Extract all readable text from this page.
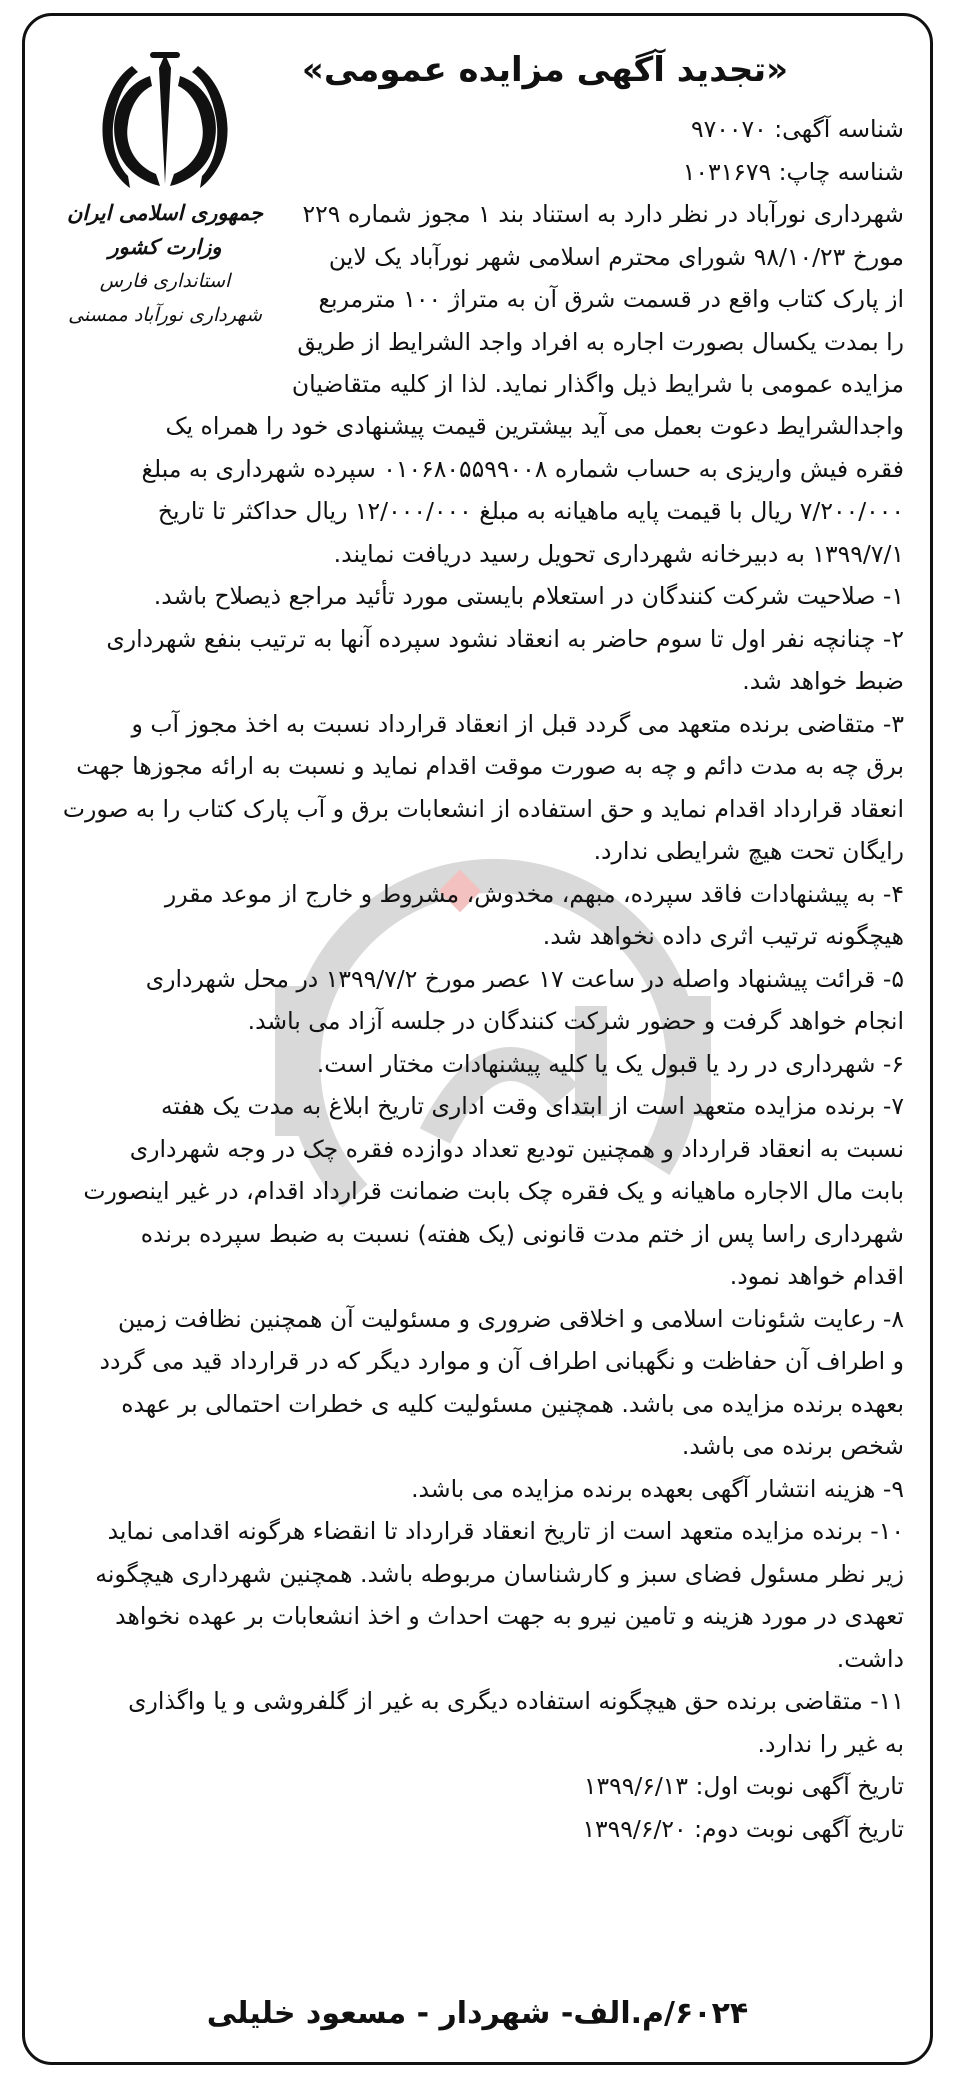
جمهوری اسلامی ایران
وزارت کشور
استانداری فارس
شهرداری نورآباد ممسنی
«تجدید آگهی مزایده عمومی»
شناسه آگهی: ۹۷۰۰۷۰
شناسه چاپ: ۱۰۳۱۶۷۹
شهرداری نورآباد در نظر دارد به استناد بند ۱ مجوز شماره ۲۲۹
مورخ ۹۸/۱۰/۲۳ شورای محترم اسلامی شهر نورآباد یک لاین
از پارک کتاب واقع در قسمت شرق آن به متراژ ۱۰۰ مترمربع
را بمدت یکسال بصورت اجاره به افراد واجد الشرایط از طریق
مزایده عمومی با شرایط ذیل واگذار نماید. لذا از کلیه متقاضیان
واجدالشرایط دعوت بعمل می آید بیشترین قیمت پیشنهادی خود را همراه یک
فقره فیش واریزی به حساب شماره ۰۱۰۶۸۰۵۵۹۹۰۰۸ سپرده شهرداری به مبلغ
۷/۲۰۰/۰۰۰ ریال با قیمت پایه ماهیانه به مبلغ ۱۲/۰۰۰/۰۰۰ ریال حداکثر تا تاریخ
۱۳۹۹/۷/۱ به دبیرخانه شهرداری تحویل رسید دریافت نمایند.
۱- صلاحیت شرکت کنندگان در استعلام بایستی مورد تأئید مراجع ذیصلاح باشد.
۲- چنانچه نفر اول تا سوم حاضر به انعقاد نشود سپرده آنها به ترتیب بنفع شهرداری
ضبط خواهد شد.
۳- متقاضی برنده متعهد می گردد قبل از انعقاد قرارداد نسبت به اخذ مجوز آب و
برق چه به مدت دائم و چه به صورت موقت اقدام نماید و نسبت به ارائه مجوزها جهت
انعقاد قرارداد اقدام نماید و حق استفاده از انشعابات برق و آب پارک کتاب را به صورت
رایگان تحت هیچ شرایطی ندارد.
۴- به پیشنهادات فاقد سپرده، مبهم، مخدوش، مشروط و خارج از موعد مقرر
هیچگونه ترتیب اثری داده نخواهد شد.
۵- قرائت پیشنهاد واصله در ساعت ۱۷ عصر مورخ ۱۳۹۹/۷/۲ در محل شهرداری
انجام خواهد گرفت و حضور شرکت کنندگان در جلسه آزاد می باشد.
۶- شهرداری در رد یا قبول یک یا کلیه پیشنهادات مختار است.
۷- برنده مزایده متعهد است از ابتدای وقت اداری تاریخ ابلاغ به مدت یک هفته
نسبت به انعقاد قرارداد و همچنین تودیع تعداد دوازده فقره چک در وجه شهرداری
بابت مال الاجاره ماهیانه و یک فقره چک بابت ضمانت قرارداد اقدام، در غیر اینصورت
شهرداری راسا پس از ختم مدت قانونی (یک هفته) نسبت به ضبط سپرده برنده
اقدام خواهد نمود.
۸- رعایت شئونات اسلامی و اخلاقی ضروری و مسئولیت آن همچنین نظافت زمین
و اطراف آن حفاظت و نگهبانی اطراف آن و موارد دیگر که در قرارداد قید می گردد
بعهده برنده مزایده می باشد. همچنین مسئولیت کلیه ی خطرات احتمالی بر عهده
شخص برنده می باشد.
۹- هزینه انتشار آگهی بعهده برنده مزایده می باشد.
۱۰- برنده مزایده متعهد است از تاریخ انعقاد قرارداد تا انقضاء هرگونه اقدامی نماید
زیر نظر مسئول فضای سبز و کارشناسان مربوطه باشد. همچنین شهرداری هیچگونه
تعهدی در مورد هزینه و تامین نیرو به جهت احداث و اخذ انشعابات بر عهده نخواهد
داشت.
۱۱- متقاضی برنده حق هیچگونه استفاده دیگری به غیر از گلفروشی و یا واگذاری
به غیر را ندارد.
تاریخ آگهی نوبت اول: ۱۳۹۹/۶/۱۳
تاریخ آگهی نوبت دوم: ۱۳۹۹/۶/۲۰
۶۰۲۴/م.الف- شهردار - مسعود خلیلی
